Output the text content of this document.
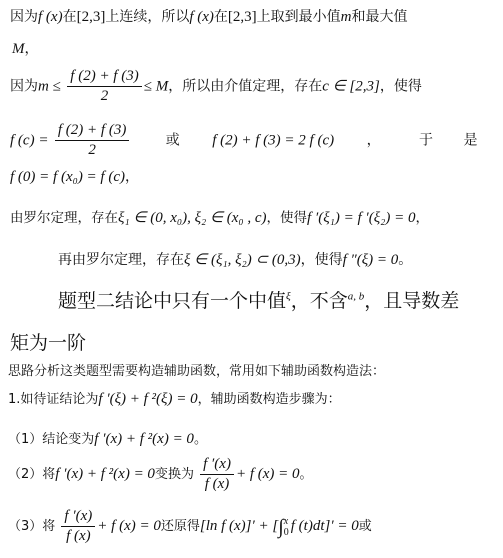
因为f (x)在[2,3]上连续，所以f (x)在[2,3]上取到最小值m和最大值
M，
因为$m \le \frac{f (2) + f (3)}{2} \le M$，所以由介值定理，存在c ∈ [2,3]，使得
f $(c) = \frac{f (2) + f (3)}{2}$	或 f (2) + f (3) = 2 f (c) ，	于 是
f (0) = f (x₀) = f (c)，
由罗尔定理，存在ξ₁ ∈ (0, x₀), ξ₂ ∈ (x₀ , c)，使得f ′(ξ₁) = f ′(ξ₂) = 0，
再由罗尔定理，存在ξ ∈ (ξ₁, ξ₂) ⊂ (0,3)，使得f ″(ξ) = 0。
题型二结论中只有一个中值$^\xi$，不含$^{a, b}$，且导数差
矩为一阶
思路分析这类题型需要构造辅助函数，常用如下辅助函数构造法：
1.如待证结论为f ′(ξ) + f ²(ξ) = 0，辅助函数构造步骤为：
（1）结论变为f ′(x) + f ²(x) = 0。
（2）将f ′(x) + f ²(x) = 0变换为 $\frac{f '(x)}{f (x)} + f$ (x) = 0。
（3）将 $\frac{f '(x)}{f (x)} + f$ (x) = 0还原得[ln f (x)]′ + [∫ x
0 f (t)dt]′ = 0或
